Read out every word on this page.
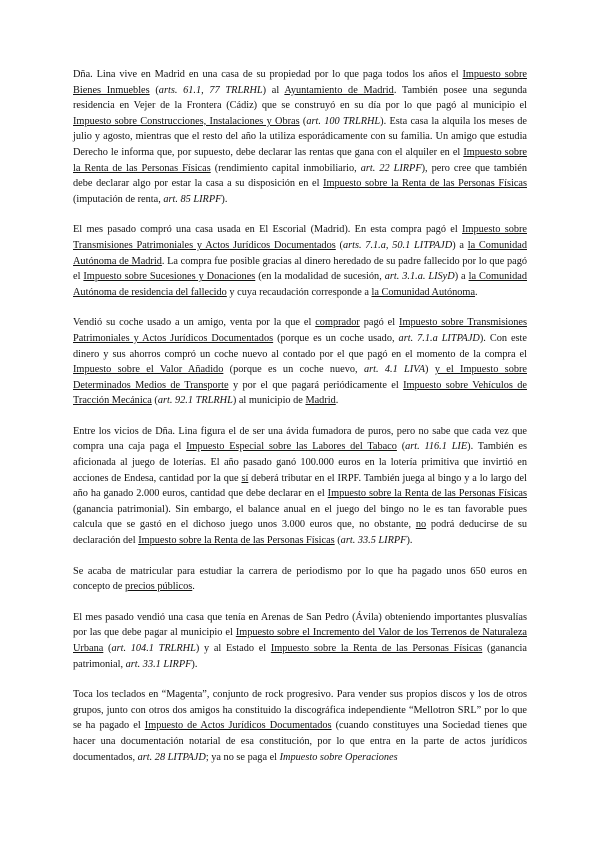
Dña. Lina vive en Madrid en una casa de su propiedad por lo que paga todos los años el Impuesto sobre Bienes Inmuebles (arts. 61.1, 77 TRLRHL) al Ayuntamiento de Madrid. También posee una segunda residencia en Vejer de la Frontera (Cádiz) que se construyó en su día por lo que pagó al municipio el Impuesto sobre Construcciones, Instalaciones y Obras (art. 100 TRLRHL). Esta casa la alquila los meses de julio y agosto, mientras que el resto del año la utiliza esporádicamente con su familia. Un amigo que estudia Derecho le informa que, por supuesto, debe declarar las rentas que gana con el alquiler en el Impuesto sobre la Renta de las Personas Físicas (rendimiento capital inmobiliario, art. 22 LIRPF), pero cree que también debe declarar algo por estar la casa a su disposición en el Impuesto sobre la Renta de las Personas Físicas (imputación de renta, art. 85 LIRPF).

El mes pasado compró una casa usada en El Escorial (Madrid). En esta compra pagó el Impuesto sobre Transmisiones Patrimoniales y Actos Jurídicos Documentados (arts. 7.1.a, 50.1 LITPAJD) a la Comunidad Autónoma de Madrid. La compra fue posible gracias al dinero heredado de su padre fallecido por lo que pagó el Impuesto sobre Sucesiones y Donaciones (en la modalidad de sucesión, art. 3.1.a. LISyD) a la Comunidad Autónoma de residencia del fallecido y cuya recaudación corresponde a la Comunidad Autónoma.

Vendió su coche usado a un amigo, venta por la que el comprador pagó el Impuesto sobre Transmisiones Patrimoniales y Actos Jurídicos Documentados (porque es un coche usado, art. 7.1.a LITPAJD). Con este dinero y sus ahorros compró un coche nuevo al contado por el que pagó en el momento de la compra el Impuesto sobre el Valor Añadido (porque es un coche nuevo, art. 4.1 LIVA) y el Impuesto sobre Determinados Medios de Transporte y por el que pagará periódicamente el Impuesto sobre Vehículos de Tracción Mecánica (art. 92.1 TRLRHL) al municipio de Madrid.

Entre los vicios de Dña. Lina figura el de ser una ávida fumadora de puros, pero no sabe que cada vez que compra una caja paga el Impuesto Especial sobre las Labores del Tabaco (art. 116.1 LIE). También es aficionada al juego de loterías. El año pasado ganó 100.000 euros en la lotería primitiva que invirtió en acciones de Endesa, cantidad por la que sí deberá tributar en el IRPF. También juega al bingo y a lo largo del año ha ganado 2.000 euros, cantidad que debe declarar en el Impuesto sobre la Renta de las Personas Físicas (ganancia patrimonial). Sin embargo, el balance anual en el juego del bingo no le es tan favorable pues calcula que se gastó en el dichoso juego unos 3.000 euros que, no obstante, no podrá deducirse de su declaración del Impuesto sobre la Renta de las Personas Físicas (art. 33.5 LIRPF).

Se acaba de matricular para estudiar la carrera de periodismo por lo que ha pagado unos 650 euros en concepto de precios públicos.

El mes pasado vendió una casa que tenía en Arenas de San Pedro (Ávila) obteniendo importantes plusvalías por las que debe pagar al municipio el Impuesto sobre el Incremento del Valor de los Terrenos de Naturaleza Urbana (art. 104.1 TRLRHL) y al Estado el Impuesto sobre la Renta de las Personas Físicas (ganancia patrimonial, art. 33.1 LIRPF).

Toca los teclados en “Magenta”, conjunto de rock progresivo. Para vender sus propios discos y los de otros grupos, junto con otros dos amigos ha constituido la discográfica independiente “Mellotron SRL” por lo que se ha pagado el Impuesto de Actos Jurídicos Documentados (cuando constituyes una Sociedad tienes que hacer una documentación notarial de esa constitución, por lo que entra en la parte de actos jurídicos documentados, art. 28 LITPAJD; ya no se paga el Impuesto sobre Operaciones
